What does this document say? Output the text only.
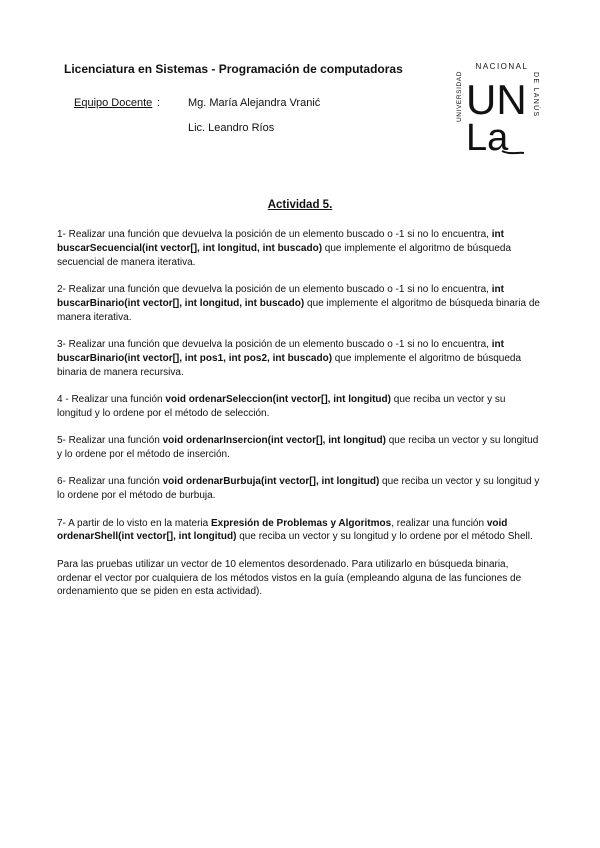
Licenciatura en Sistemas - Programación de computadoras
Equipo Docente :	Mg. María Alejandra Vranić
Lic. Leandro Ríos
NACIONAL
UNIVERSIDAD	DE LANÚS
UN
La
Actividad 5.

1- Realizar una función que devuelva la posición de un elemento buscado o -1 si no lo encuentra, int buscarSecuencial(int vector[], int longitud, int buscado) que implemente el algoritmo de búsqueda secuencial de manera iterativa.

2- Realizar una función que devuelva la posición de un elemento buscado o -1 si no lo encuentra, int buscarBinario(int vector[], int longitud, int buscado) que implemente el algoritmo de búsqueda binaria de manera iterativa.

3- Realizar una función que devuelva la posición de un elemento buscado o -1 si no lo encuentra, int buscarBinario(int vector[], int pos1, int pos2, int buscado) que implemente el algoritmo de búsqueda binaria de manera recursiva.

4 - Realizar una función void ordenarSeleccion(int vector[], int longitud) que reciba un vector y su longitud y lo ordene por el método de selección.

5- Realizar una función void ordenarInsercion(int vector[], int longitud) que reciba un vector y su longitud y lo ordene por el método de inserción.

6- Realizar una función void ordenarBurbuja(int vector[], int longitud) que reciba un vector y su longitud y lo ordene por el método de burbuja.

7- A partir de lo visto en la materia Expresión de Problemas y Algoritmos, realizar una función void ordenarShell(int vector[], int longitud) que reciba un vector y su longitud y lo ordene por el método Shell.

Para las pruebas utilizar un vector de 10 elementos desordenado. Para utilizarlo en búsqueda binaria, ordenar el vector por cualquiera de los métodos vistos en la guía (empleando alguna de las funciones de ordenamiento que se piden en esta actividad).
